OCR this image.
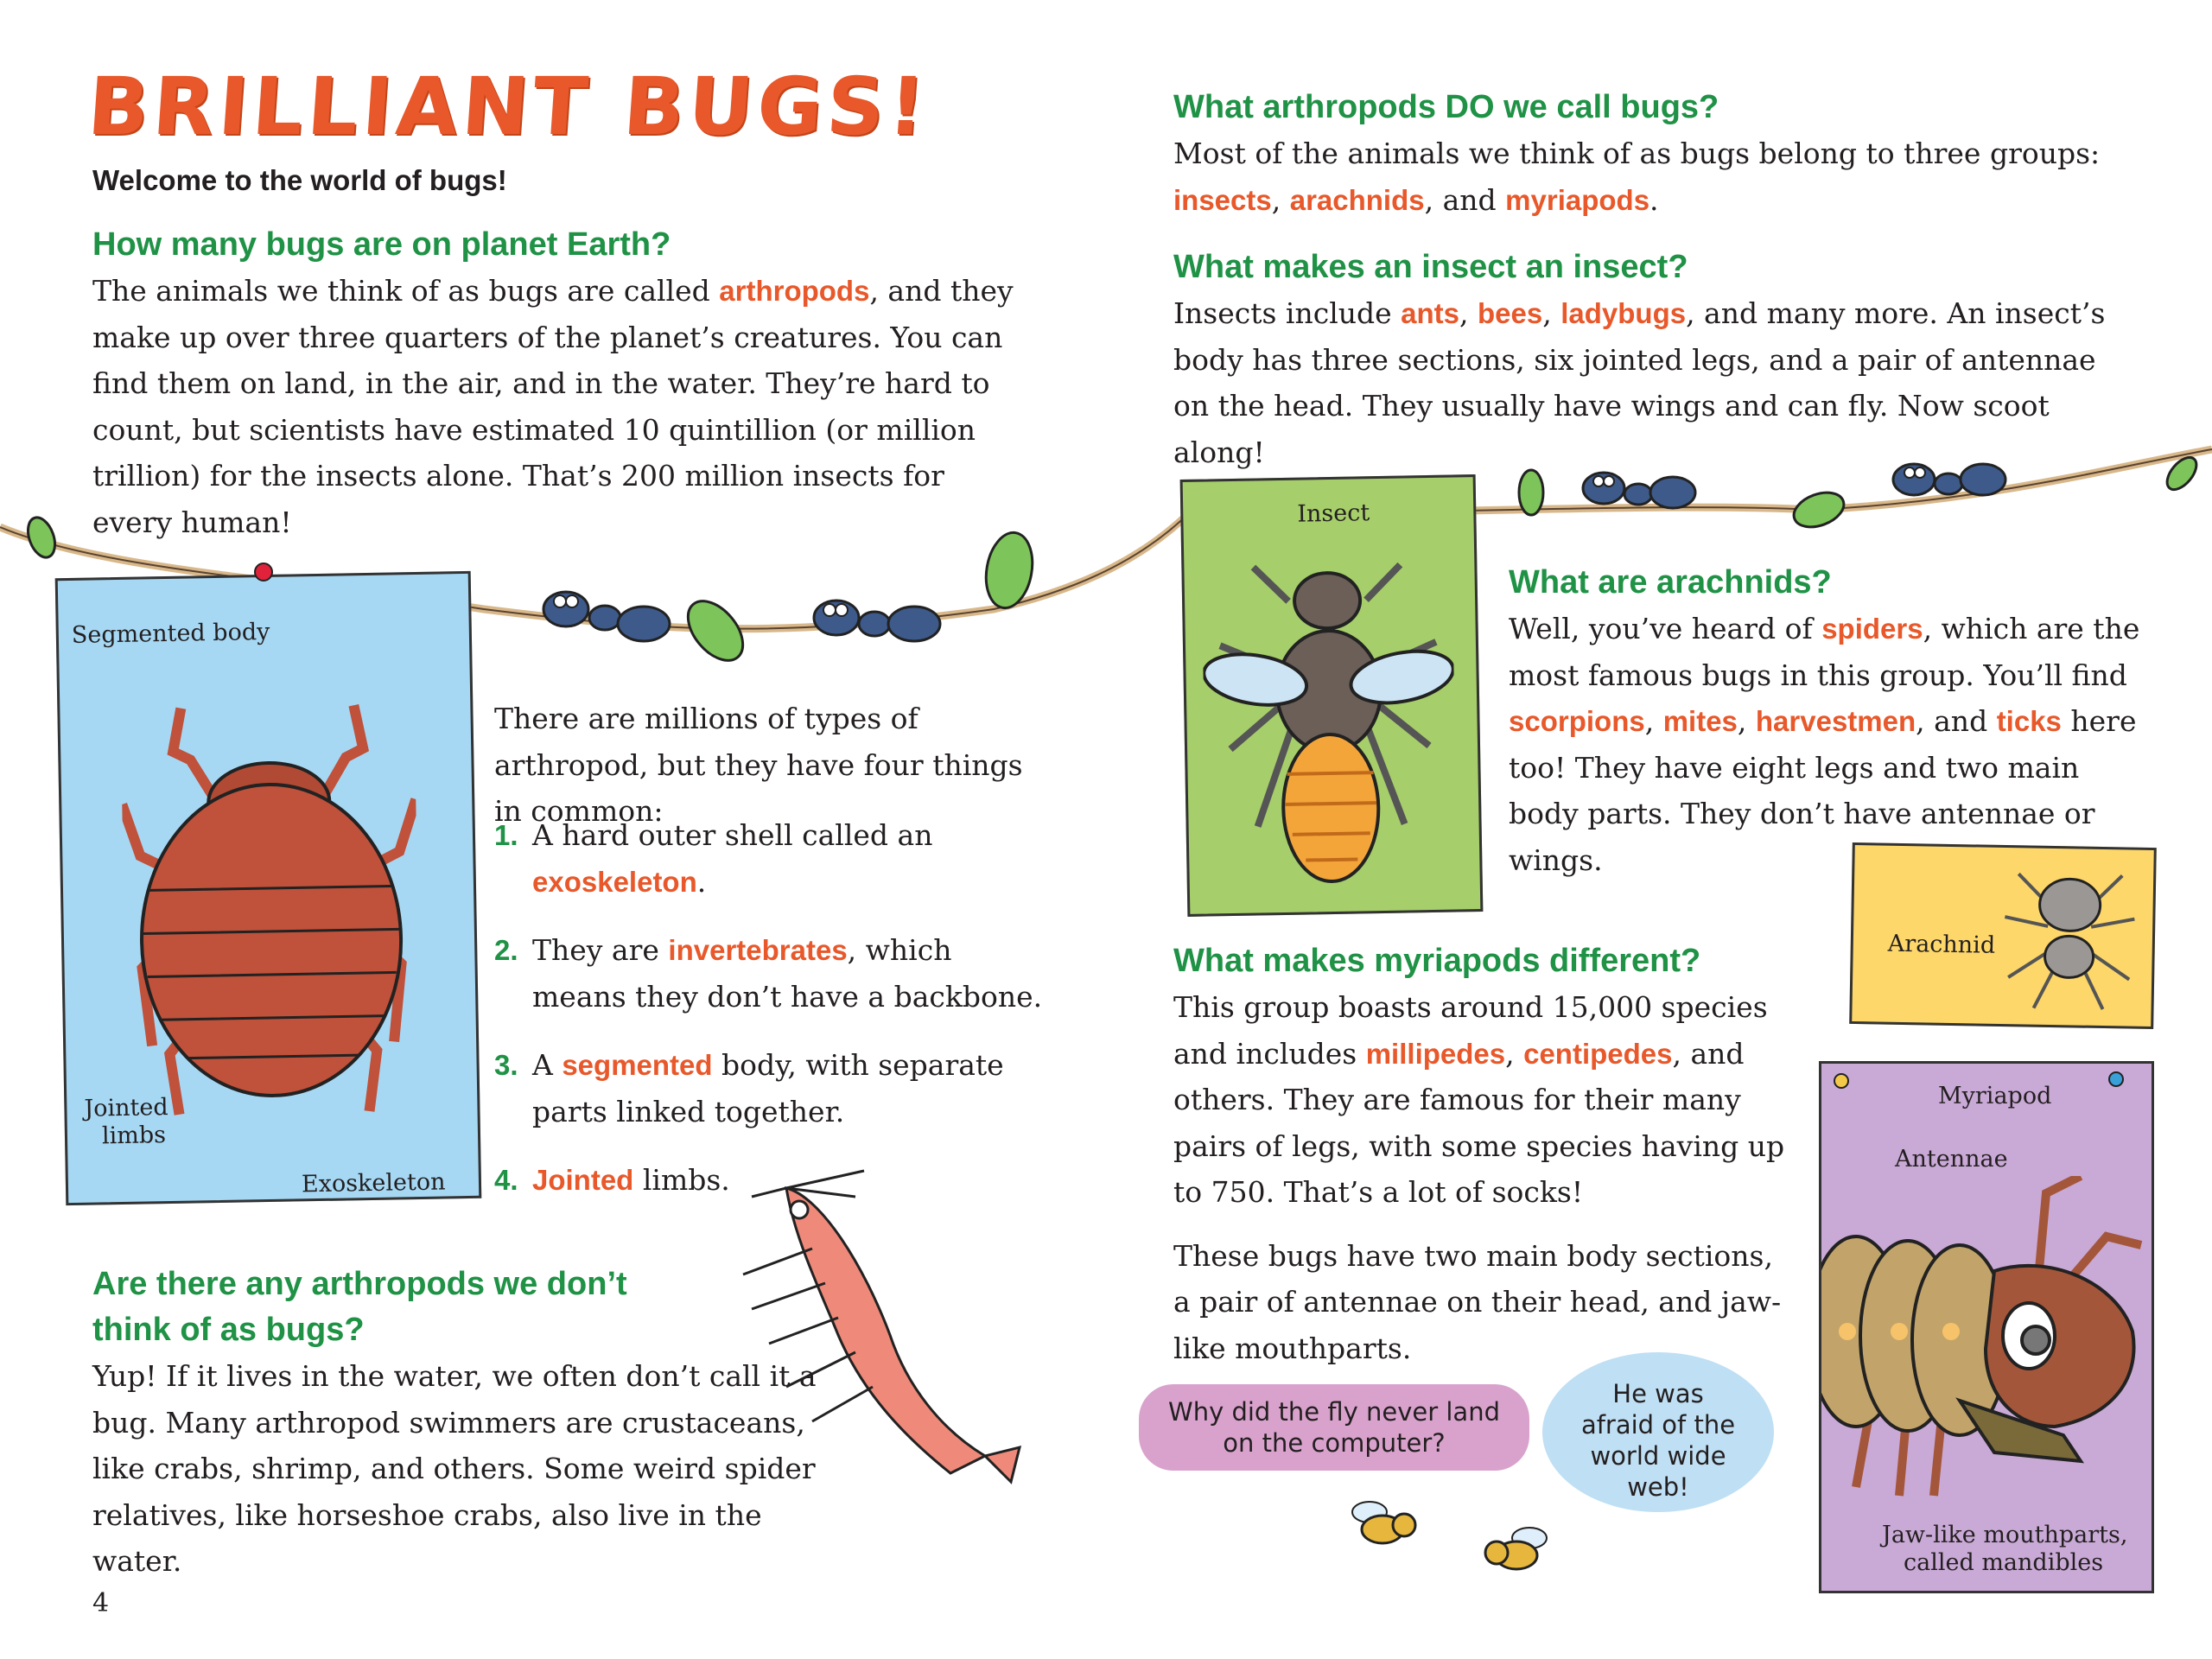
BRILLIANT BUGS!
Welcome to the world of bugs!
How many bugs are on planet Earth?
The animals we think of as bugs are called arthropods, and they make up over three quarters of the planet’s creatures. You can find them on land, in the air, and in the water. They’re hard to count, but scientists have estimated 10 quintillion (or million trillion) for the insects alone. That’s 200 million insects for every human!
Segmented body
Jointed
limbs
Exoskeleton
There are millions of types of arthropod, but they have four things in common:
1. A hard outer shell called an exoskeleton.
2. They are invertebrates, which means they don’t have a backbone.
3. A segmented body, with separate parts linked together.
4. Jointed limbs.
Are there any arthropods we don’t
think of as bugs?
Yup! If it lives in the water, we often don’t call it a bug. Many arthropod swimmers are crustaceans, like crabs, shrimp, and others. Some weird spider relatives, like horseshoe crabs, also live in the water.
4
What arthropods DO we call bugs?
Most of the animals we think of as bugs belong to three groups:
insects, arachnids, and myriapods.
What makes an insect an insect?
Insects include ants, bees, ladybugs, and many more. An insect’s body has three sections, six jointed legs, and a pair of antennae on the head. They usually have wings and can fly. Now scoot along!
Insect
What are arachnids?
Well, you’ve heard of spiders, which are the most famous bugs in this group. You’ll find scorpions, mites, harvestmen, and ticks here too! They have eight legs and two main body parts. They don’t have antennae or wings.
Arachnid
What makes myriapods different?
This group boasts around 15,000 species and includes millipedes, centipedes, and others. They are famous for their many pairs of legs, with some species having up to 750. That’s a lot of socks!
These bugs have two main body sections, a pair of antennae on their head, and jaw-like mouthparts.
Myriapod
Antennae
Jaw-like mouthparts,
called mandibles
Why did the fly never land
on the computer?
He was
afraid of the
world wide
web!
